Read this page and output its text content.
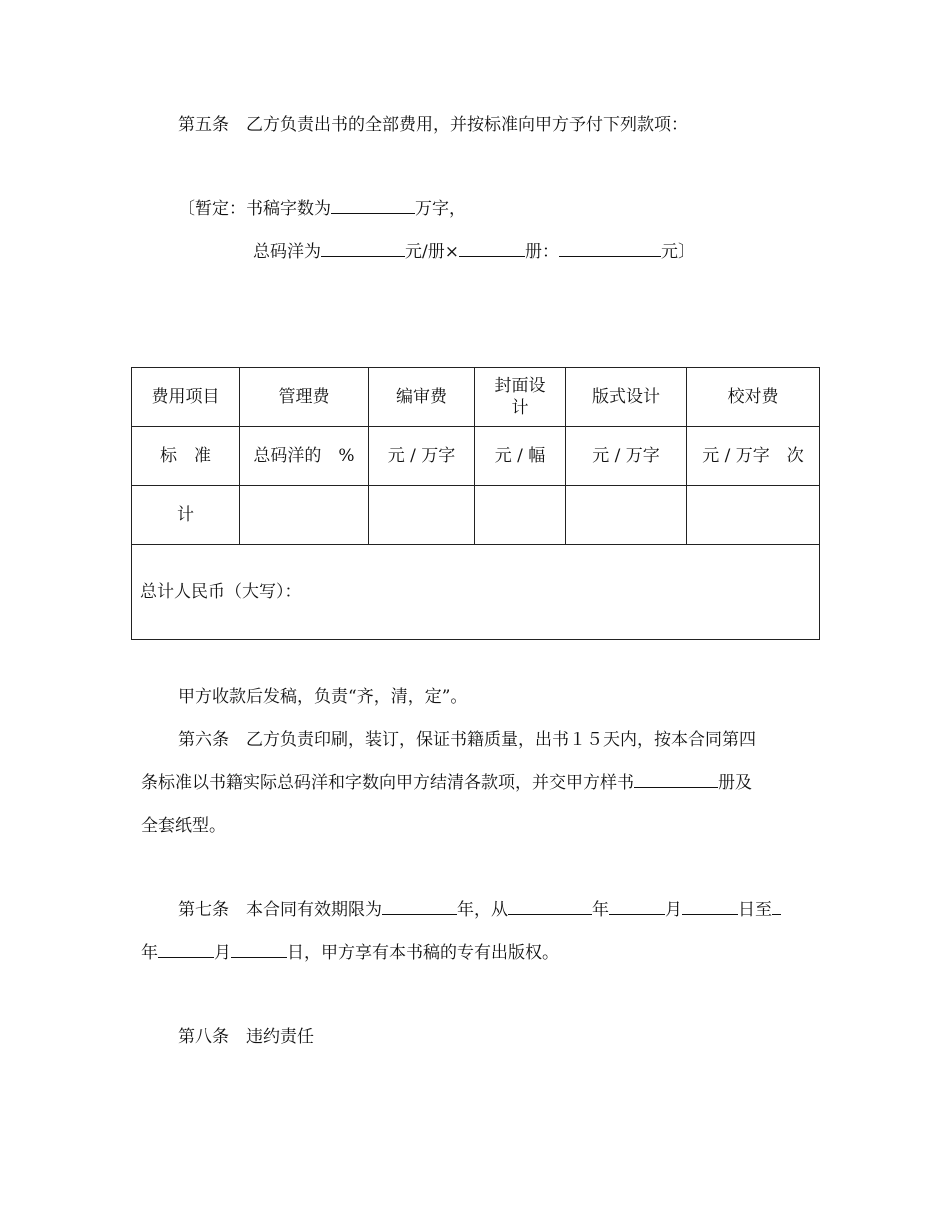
第五条　乙方负责出书的全部费用，并按标准向甲方予付下列款项：
〔暂定：书稿字数为	万字，
总码洋为	元/册×	册：	元〕
费用项目	管理费	编审费	封面设计	版式设计	校对费
标　准	总码洋的　%	元 / 万字	元 / 幅	元 / 万字	元 / 万字　次
计					
总计人民币（大写）：					
甲方收款后发稿，负责“齐，清，定”。
第六条　乙方负责印刷，装订，保证书籍质量，出书１５天内，按本合同第四
条标准以书籍实际总码洋和字数向甲方结清各款项，并交甲方样书	册及
全套纸型。
第七条　本合同有效期限为	年，从	年	月	日至
年	月	日，甲方享有本书稿的专有出版权。
第八条　违约责任
